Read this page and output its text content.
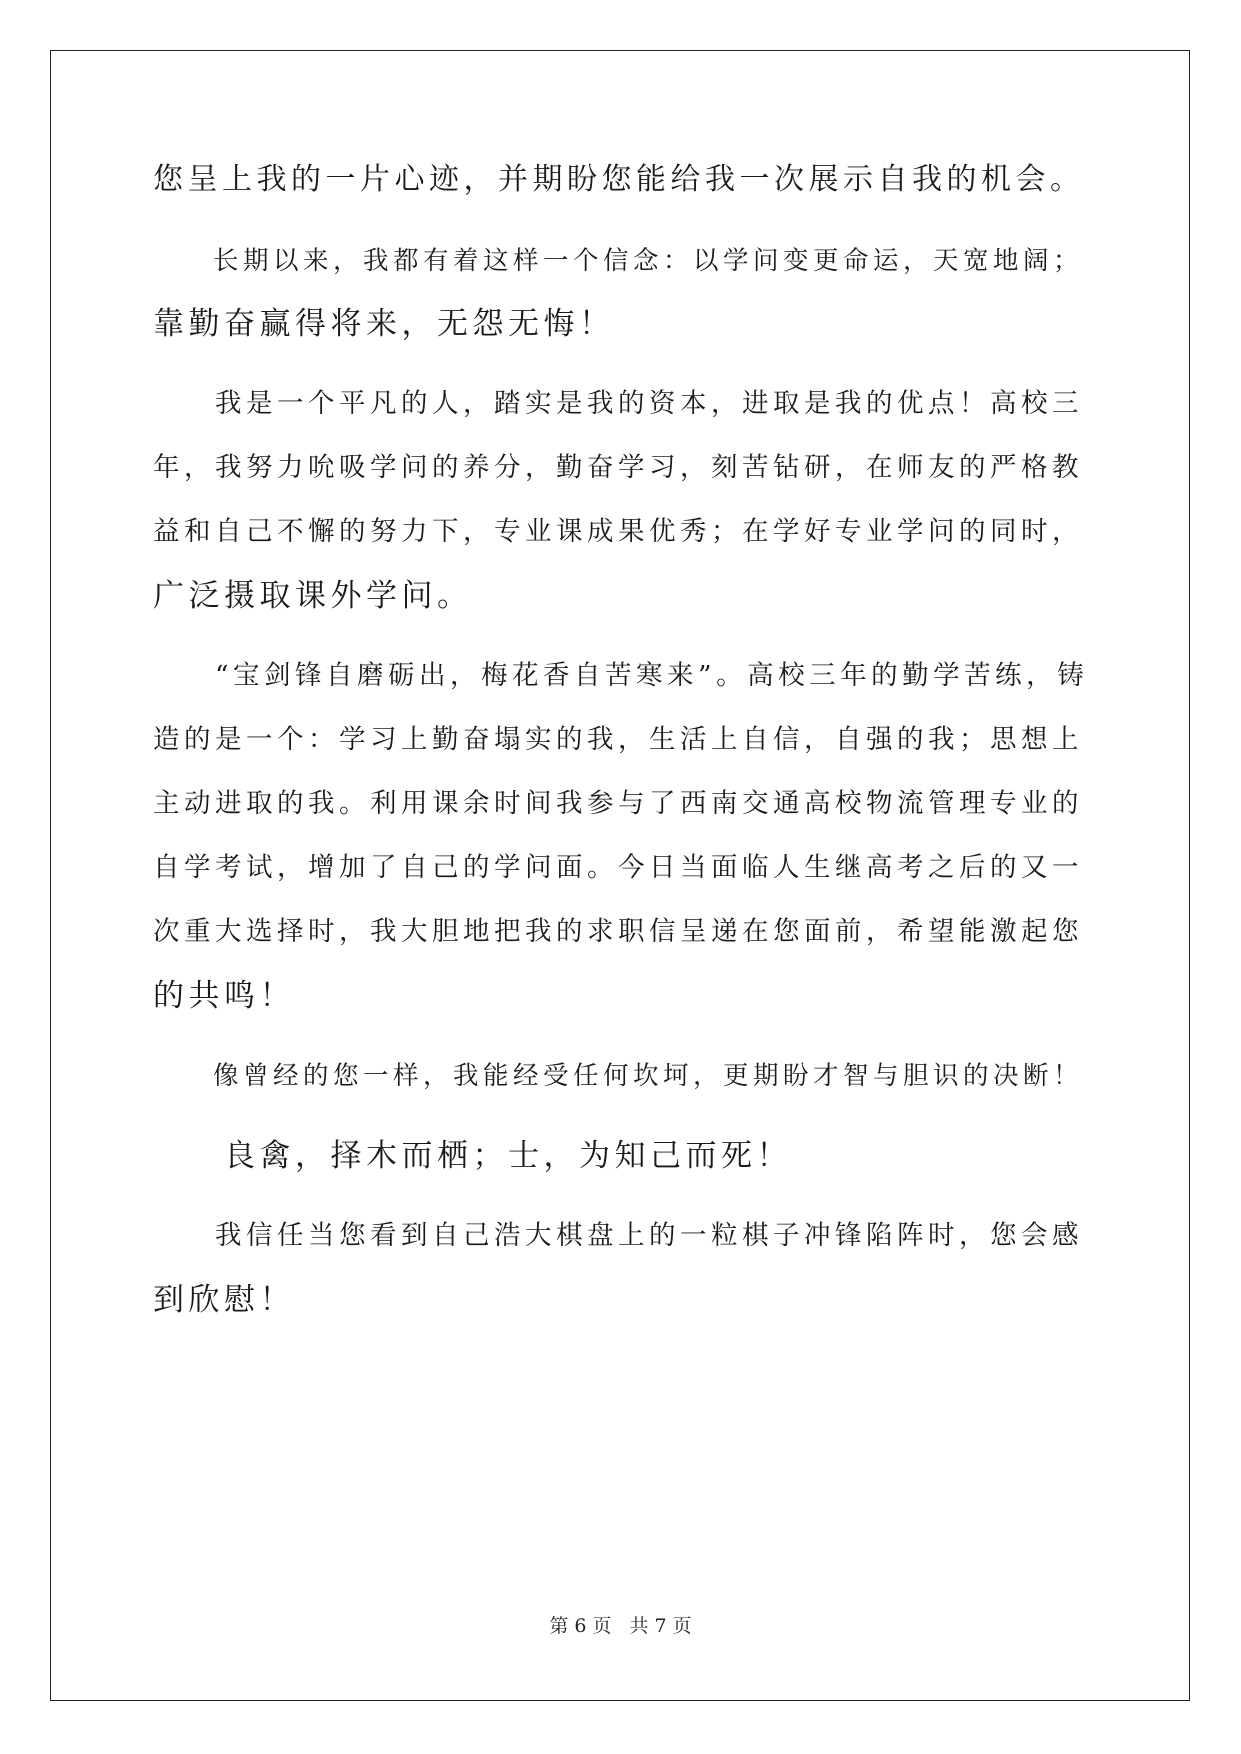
您呈上我的一片心迹，并期盼您能给我一次展示自我的机会。
　　长期以来，我都有着这样一个信念：以学问变更命运，天宽地阔；
靠勤奋赢得将来，无怨无悔！
　　我是一个平凡的人，踏实是我的资本，进取是我的优点！高校三
年，我努力吮吸学问的养分，勤奋学习，刻苦钻研，在师友的严格教
益和自己不懈的努力下，专业课成果优秀；在学好专业学问的同时，
广泛摄取课外学问。
　　“宝剑锋自磨砺出，梅花香自苦寒来”。高校三年的勤学苦练，铸
造的是一个：学习上勤奋塌实的我，生活上自信，自强的我；思想上
主动进取的我。利用课余时间我参与了西南交通高校物流管理专业的
自学考试，增加了自己的学问面。今日当面临人生继高考之后的又一
次重大选择时，我大胆地把我的求职信呈递在您面前，希望能激起您
的共鸣！
　　像曾经的您一样，我能经受任何坎坷，更期盼才智与胆识的决断！
　　良禽，择木而栖；士，为知己而死！
　　我信任当您看到自己浩大棋盘上的一粒棋子冲锋陷阵时，您会感
到欣慰！
第 6 页 共 7 页
